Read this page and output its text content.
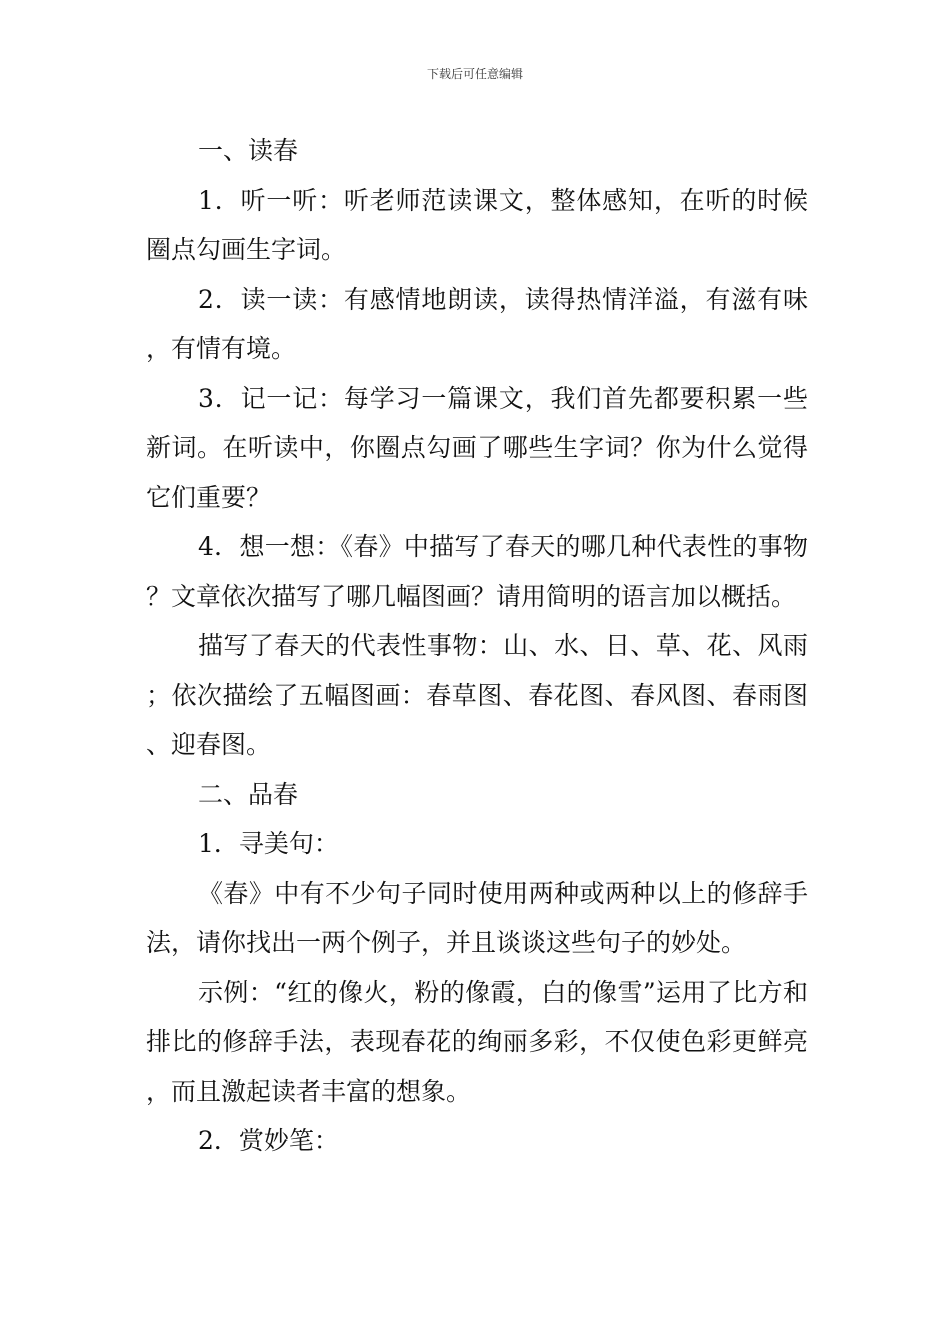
下载后可任意编辑

一、读春

1．听一听：听老师范读课文，整体感知，在听的时候圈点勾画生字词。

2．读一读：有感情地朗读，读得热情洋溢，有滋有味，有情有境。

3．记一记：每学习一篇课文，我们首先都要积累一些新词。在听读中，你圈点勾画了哪些生字词？你为什么觉得它们重要？

4．想一想：《春》中描写了春天的哪几种代表性的事物？文章依次描写了哪几幅图画？请用简明的语言加以概括。

描写了春天的代表性事物：山、水、日、草、花、风雨；依次描绘了五幅图画：春草图、春花图、春风图、春雨图、迎春图。

二、品春

1．寻美句：

《春》中有不少句子同时使用两种或两种以上的修辞手法，请你找出一两个例子，并且谈谈这些句子的妙处。

示例：“红的像火，粉的像霞，白的像雪”运用了比方和排比的修辞手法，表现春花的绚丽多彩，不仅使色彩更鲜亮，而且激起读者丰富的想象。

2．赏妙笔：
